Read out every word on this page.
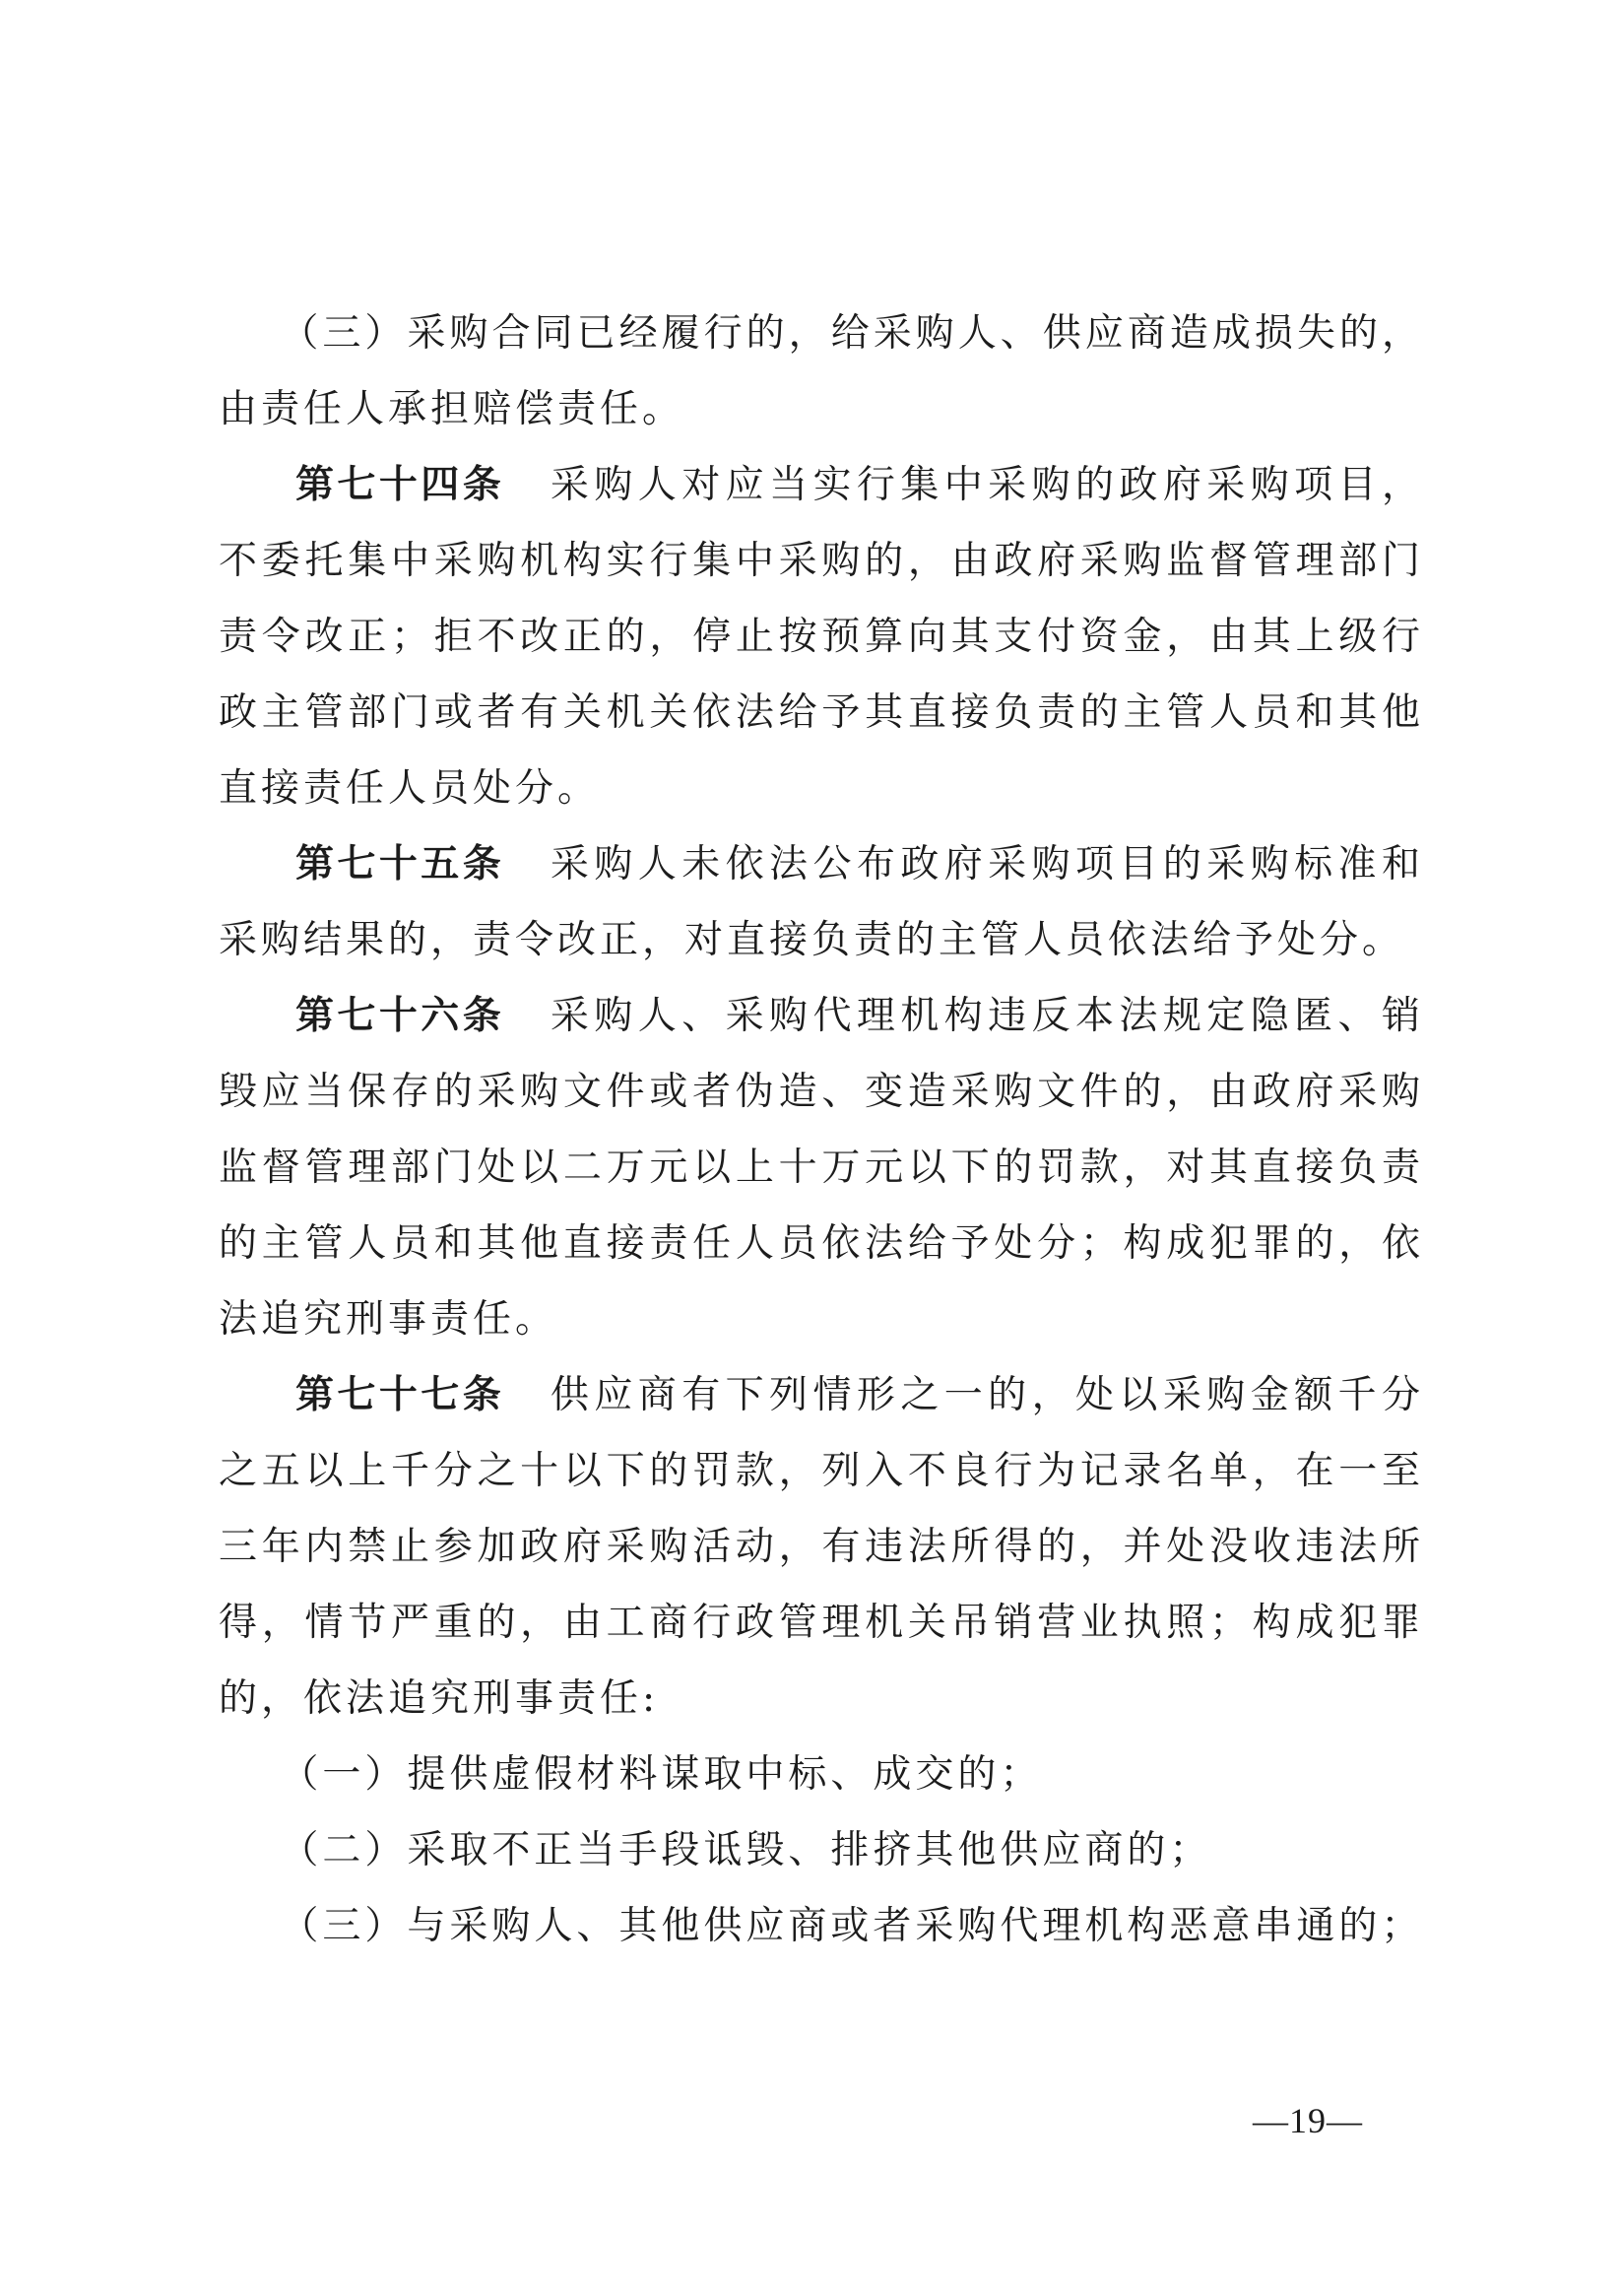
（三）采购合同已经履行的，给采购人、供应商造成损失的，由责任人承担赔偿责任。

第七十四条 采购人对应当实行集中采购的政府采购项目，不委托集中采购机构实行集中采购的，由政府采购监督管理部门责令改正；拒不改正的，停止按预算向其支付资金，由其上级行政主管部门或者有关机关依法给予其直接负责的主管人员和其他直接责任人员处分。

第七十五条 采购人未依法公布政府采购项目的采购标准和采购结果的，责令改正，对直接负责的主管人员依法给予处分。

第七十六条 采购人、采购代理机构违反本法规定隐匿、销毁应当保存的采购文件或者伪造、变造采购文件的，由政府采购监督管理部门处以二万元以上十万元以下的罚款，对其直接负责的主管人员和其他直接责任人员依法给予处分；构成犯罪的，依法追究刑事责任。

第七十七条 供应商有下列情形之一的，处以采购金额千分之五以上千分之十以下的罚款，列入不良行为记录名单，在一至三年内禁止参加政府采购活动，有违法所得的，并处没收违法所得，情节严重的，由工商行政管理机关吊销营业执照；构成犯罪的，依法追究刑事责任:

（一）提供虚假材料谋取中标、成交的；

（二）采取不正当手段诋毁、排挤其他供应商的；

（三）与采购人、其他供应商或者采购代理机构恶意串通的；

—19—
